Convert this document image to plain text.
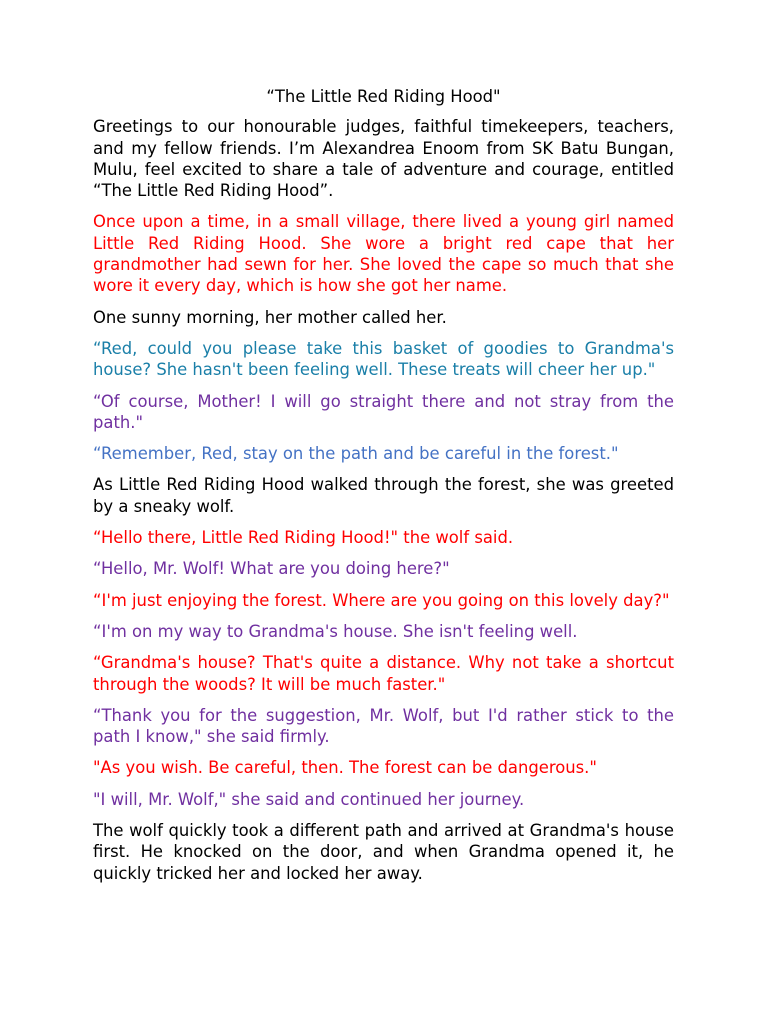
“The Little Red Riding Hood"

Greetings to our honourable judges, faithful timekeepers, teachers, and my fellow friends. I’m Alexandrea Enoom from SK Batu Bungan, Mulu, feel excited to share a tale of adventure and courage, entitled “The Little Red Riding Hood”.

Once upon a time, in a small village, there lived a young girl named Little Red Riding Hood. She wore a bright red cape that her grandmother had sewn for her. She loved the cape so much that she wore it every day, which is how she got her name.

One sunny morning, her mother called her.

“Red, could you please take this basket of goodies to Grandma's house? She hasn't been feeling well. These treats will cheer her up."

“Of course, Mother! I will go straight there and not stray from the path."

“Remember, Red, stay on the path and be careful in the forest."

As Little Red Riding Hood walked through the forest, she was greeted by a sneaky wolf.

“Hello there, Little Red Riding Hood!" the wolf said.

“Hello, Mr. Wolf! What are you doing here?"

“I'm just enjoying the forest. Where are you going on this lovely day?"

“I'm on my way to Grandma's house. She isn't feeling well.

“Grandma's house? That's quite a distance. Why not take a shortcut through the woods? It will be much faster."

“Thank you for the suggestion, Mr. Wolf, but I'd rather stick to the path I know," she said firmly.

"As you wish. Be careful, then. The forest can be dangerous."

"I will, Mr. Wolf," she said and continued her journey.

The wolf quickly took a different path and arrived at Grandma's house first. He knocked on the door, and when Grandma opened it, he quickly tricked her and locked her away.
